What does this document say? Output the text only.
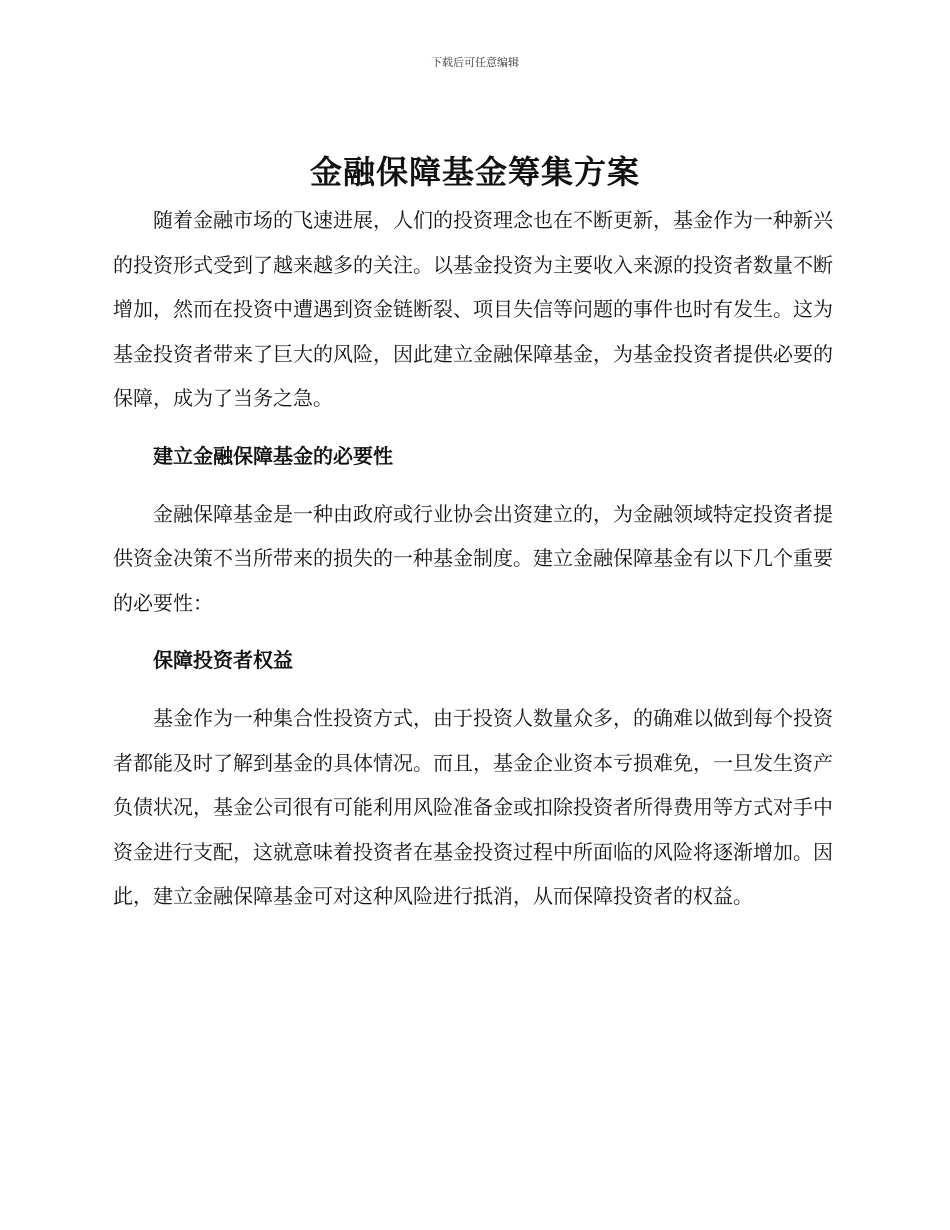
下载后可任意编辑
金融保障基金筹集方案

随着金融市场的飞速进展，人们的投资理念也在不断更新，基金作为一种新兴的投资形式受到了越来越多的关注。以基金投资为主要收入来源的投资者数量不断增加，然而在投资中遭遇到资金链断裂、项目失信等问题的事件也时有发生。这为基金投资者带来了巨大的风险，因此建立金融保障基金，为基金投资者提供必要的保障，成为了当务之急。

建立金融保障基金的必要性

金融保障基金是一种由政府或行业协会出资建立的，为金融领域特定投资者提供资金决策不当所带来的损失的一种基金制度。建立金融保障基金有以下几个重要的必要性：

保障投资者权益

基金作为一种集合性投资方式，由于投资人数量众多，的确难以做到每个投资者都能及时了解到基金的具体情况。而且，基金企业资本亏损难免，一旦发生资产负债状况，基金公司很有可能利用风险准备金或扣除投资者所得费用等方式对手中资金进行支配，这就意味着投资者在基金投资过程中所面临的风险将逐渐增加。因此，建立金融保障基金可对这种风险进行抵消，从而保障投资者的权益。
